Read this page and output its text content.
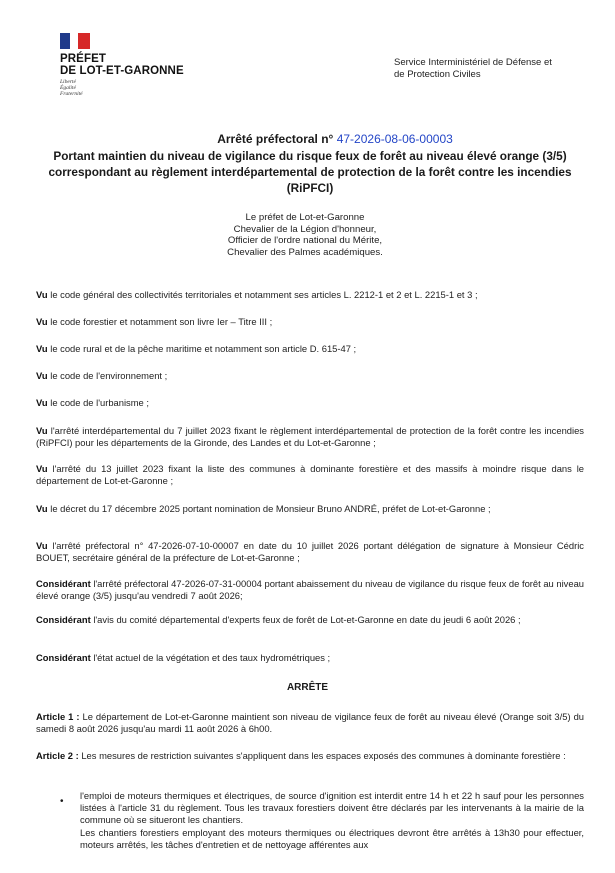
PRÉFET
DE LOT-ET-GARONNE
Liberté
Égalité
Fraternité
Service Interministériel de Défense et
de Protection Civiles
Arrêté préfectoral n° 47-2026-08-06-00003
Portant maintien du niveau de vigilance du risque feux de forêt au niveau élevé orange (3/5) correspondant au règlement interdépartemental de protection de la forêt contre les incendies (RiPFCI)
Le préfet de Lot-et-Garonne
Chevalier de la Légion d'honneur,
Officier de l'ordre national du Mérite,
Chevalier des Palmes académiques.
Vu le code général des collectivités territoriales et notamment ses articles L. 2212-1 et 2 et L. 2215-1 et 3 ;
Vu le code forestier et notamment son livre Ier – Titre III ;
Vu le code rural et de la pêche maritime et notamment son article D. 615-47 ;
Vu le code de l'environnement ;
Vu le code de l'urbanisme ;
Vu l'arrêté interdépartemental du 7 juillet 2023 fixant le règlement interdépartemental de protection de la forêt contre les incendies (RiPFCI) pour les départements de la Gironde, des Landes et du Lot-et-Garonne ;
Vu l'arrêté du 13 juillet 2023 fixant la liste des communes à dominante forestière et des massifs à moindre risque dans le département de Lot-et-Garonne ;
Vu le décret du 17 décembre 2025 portant nomination de Monsieur Bruno ANDRÉ, préfet de Lot-et-Garonne ;
Vu l'arrêté préfectoral n° 47-2026-07-10-00007 en date du 10 juillet 2026 portant délégation de signature à Monsieur Cédric BOUET, secrétaire général de la préfecture de Lot-et-Garonne ;
Considérant l'arrêté préfectoral 47-2026-07-31-00004 portant abaissement du niveau de vigilance du risque feux de forêt au niveau élevé orange (3/5) jusqu'au vendredi 7 août 2026;
Considérant l'avis du comité départemental d'experts feux de forêt de Lot-et-Garonne en date du jeudi 6 août 2026 ;
Considérant l'état actuel de la végétation et des taux hydrométriques ;
ARRÊTE
Article 1 : Le département de Lot-et-Garonne maintient son niveau de vigilance feux de forêt au niveau élevé (Orange soit 3/5) du samedi 8 août 2026 jusqu'au mardi 11 août 2026 à 6h00.
Article 2 : Les mesures de restriction suivantes s'appliquent dans les espaces exposés des communes à dominante forestière :
•

l'emploi de moteurs thermiques et électriques, de source d'ignition est interdit entre 14 h et 22 h sauf pour les personnes listées à l'article 31 du règlement. Tous les travaux forestiers doivent être déclarés par les intervenants à la mairie de la commune où se situeront les chantiers.

Les chantiers forestiers employant des moteurs thermiques ou électriques devront être arrêtés à 13h30 pour effectuer, moteurs arrêtés, les tâches d'entretien et de nettoyage afférentes aux
